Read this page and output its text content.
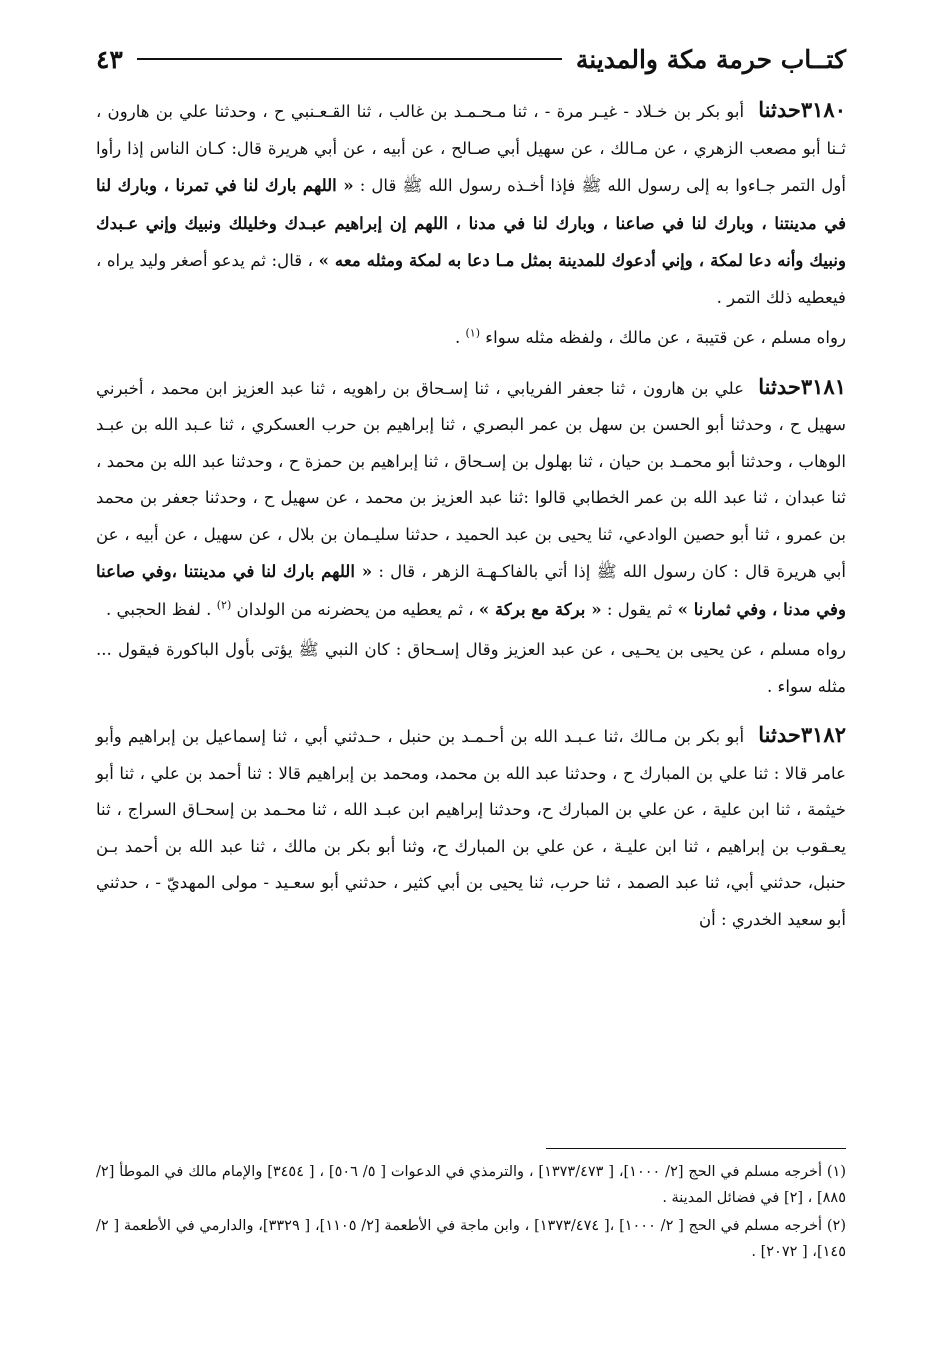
كتــاب حرمة مكة والمدينة
٤٣

٣١٨٠حدثنا أبو بكر بن خـلاد - غيـر مرة - ، ثنا مـحـمـد بن غالب ، ثنا القـعـنبي ح ، وحدثنا علي بن هارون ، ثـنا أبو مصعب الزهري ، عن مـالك ، عن سهيل أبي صـالح ، عن أبيه ، عن أبي هريرة قال: كـان الناس إذا رأوا أول التمر جـاءوا به إلى رسول الله ﷺ فإذا أخـذه رسول الله ﷺ قال : « اللهم بارك لنا في تمرنا ، وبارك لنا في مدينتنا ، وبارك لنا في صاعنا ، وبارك لنا في مدنا ، اللهم إن إبراهيم عبـدك وخليلك ونبيك وإني عـبدك ونبيك وأنه دعا لمكة ، وإني أدعوك للمدينة بمثل مـا دعا به لمكة ومثله معه » ، قال: ثم يدعو أصغر وليد يراه ، فيعطيه ذلك التمر .

رواه مسلم ، عن قتيبة ، عن مالك ، ولفظه مثله سواء $^{(١)}$ .

٣١٨١حدثنا علي بن هارون ، ثنا جعفر الفريابي ، ثنا إسـحاق بن راهويه ، ثنا عبد العزيز ابن محمد ، أخبرني سهيل ح ، وحدثنا أبو الحسن بن سهل بن عمر البصري ، ثنا إبراهيم بن حرب العسكري ، ثنا عـبد الله بن عبـد الوهاب ، وحدثنا أبو محمـد بن حيان ، ثنا بهلول بن إسـحاق ، ثنا إبراهيم بن حمزة ح ، وحدثنا عبد الله بن محمد ، ثنا عبدان ، ثنا عبد الله بن عمر الخطابي قالوا :ثنا عبد العزيز بن محمد ، عن سهيل ح ، وحدثنا جعفر بن محمد بن عمرو ، ثنا أبو حصين الوادعي، ثنا يحيى بن عبد الحميد ، حدثنا سليـمان بن بلال ، عن سهيل ، عن أبيه ، عن أبي هريرة قال : كان رسول الله ﷺ إذا أتي بالفاكـهـة الزهر ، قال : « اللهم بارك لنا في مدينتنا ،وفي صاعنا وفي مدنا ، وفي ثمارنا » ثم يقول : « بركة مع بركة » ، ثم يعطيه من يحضرنه من الولدان $^{(٢)}$ . لفظ الحجبي .

رواه مسلم ، عن يحيى بن يحـيى ، عن عبد العزيز وقال إسـحاق : كان النبي ﷺ يؤتى بأول الباكورة فيقول ... مثله سواء .

٣١٨٢حدثنا أبو بكر بن مـالك ،ثنا عـبـد الله بن أحـمـد بن حنبل ، حـدثني أبي ، ثنا إسماعيل بن إبراهيم وأبو عامر قالا : ثنا علي بن المبارك ح ، وحدثنا عبد الله بن محمد، ومحمد بن إبراهيم قالا : ثنا أحمد بن علي ، ثنا أبو خيثمة ، ثنا ابن علية ، عن علي بن المبارك ح، وحدثنا إبراهيم ابن عبـد الله ، ثنا محـمد بن إسحـاق السراج ، ثنا يعـقوب بن إبراهيم ، ثنا ابن عليـة ، عن علي بن المبارك ح، وثنا أبو بكر بن مالك ، ثنا عبد الله بن أحمد بـن حنبل، حدثني أبي، ثنا عبد الصمد ، ثنا حرب، ثنا يحيى بن أبي كثير ، حدثني أبو سعـيد - مولى المهديّ - ، حدثني أبو سعيد الخدري : أن

(١) أخرجه مسلم في الحج [٢/ ١٠٠٠]، [ ١٣٧٣/٤٧٣] ، والترمذي في الدعوات [ ٥/ ٥٠٦] ، [ ٣٤٥٤] والإمام مالك في الموطأ [٢/ ٨٨٥] ، [٢] في فضائل المدينة .

(٢) أخرجه مسلم في الحج [ ٢/ ١٠٠٠] ،[ ١٣٧٣/٤٧٤] ، وابن ماجة في الأطعمة [٢/ ١١٠٥]، [ ٣٣٢٩]، والدارمي في الأطعمة [ ٢/ ١٤٥]، [ ٢٠٧٢] .
